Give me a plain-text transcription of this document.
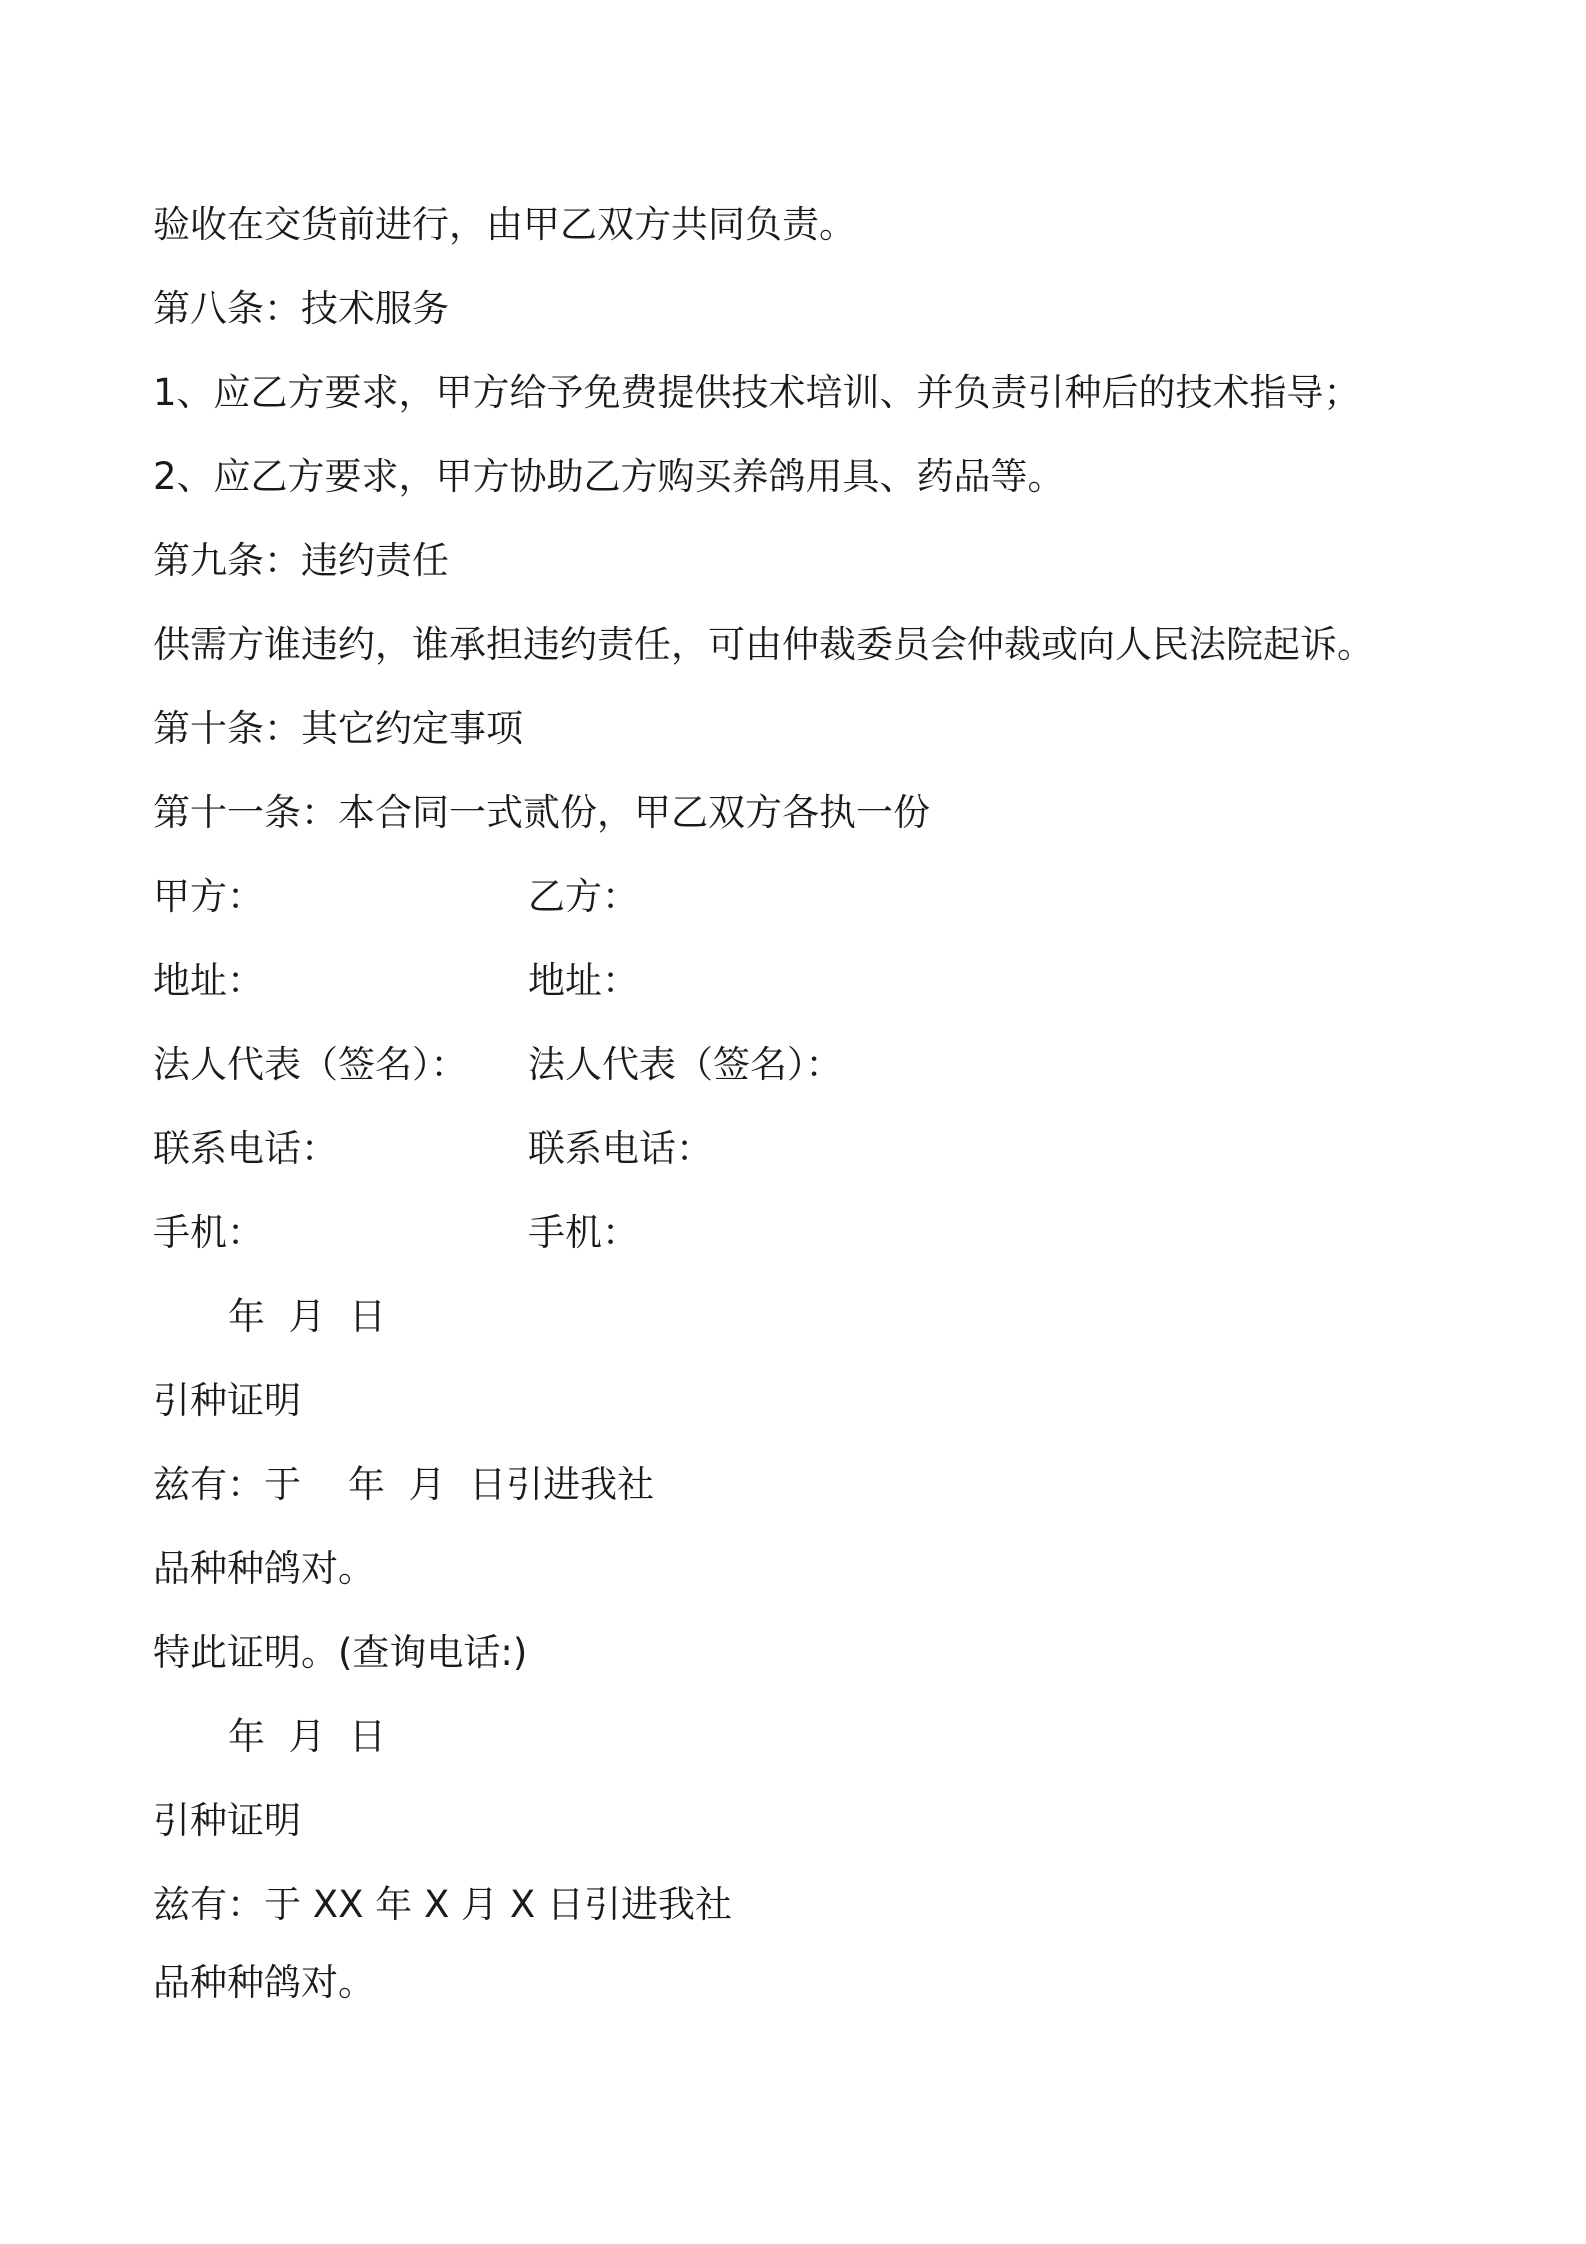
验收在交货前进行，由甲乙双方共同负责。
第八条：技术服务
1、应乙方要求，甲方给予免费提供技术培训、并负责引种后的技术指导；
2、应乙方要求，甲方协助乙方购买养鸽用具、药品等。
第九条：违约责任
供需方谁违约，谁承担违约责任，可由仲裁委员会仲裁或向人民法院起诉。
第十条：其它约定事项
第十一条：本合同一式贰份，甲乙双方各执一份
甲方：	乙方：
地址：	地址：
法人代表（签名）： 法人代表（签名）：
联系电话：	联系电话：
手机：	手机：
年  月  日
引种证明
兹有：于    年  月  日引进我社
品种种鸽对。
特此证明。(查询电话:)
年  月  日
引种证明
兹有：于 XX 年 X 月 X 日引进我社
品种种鸽对。
